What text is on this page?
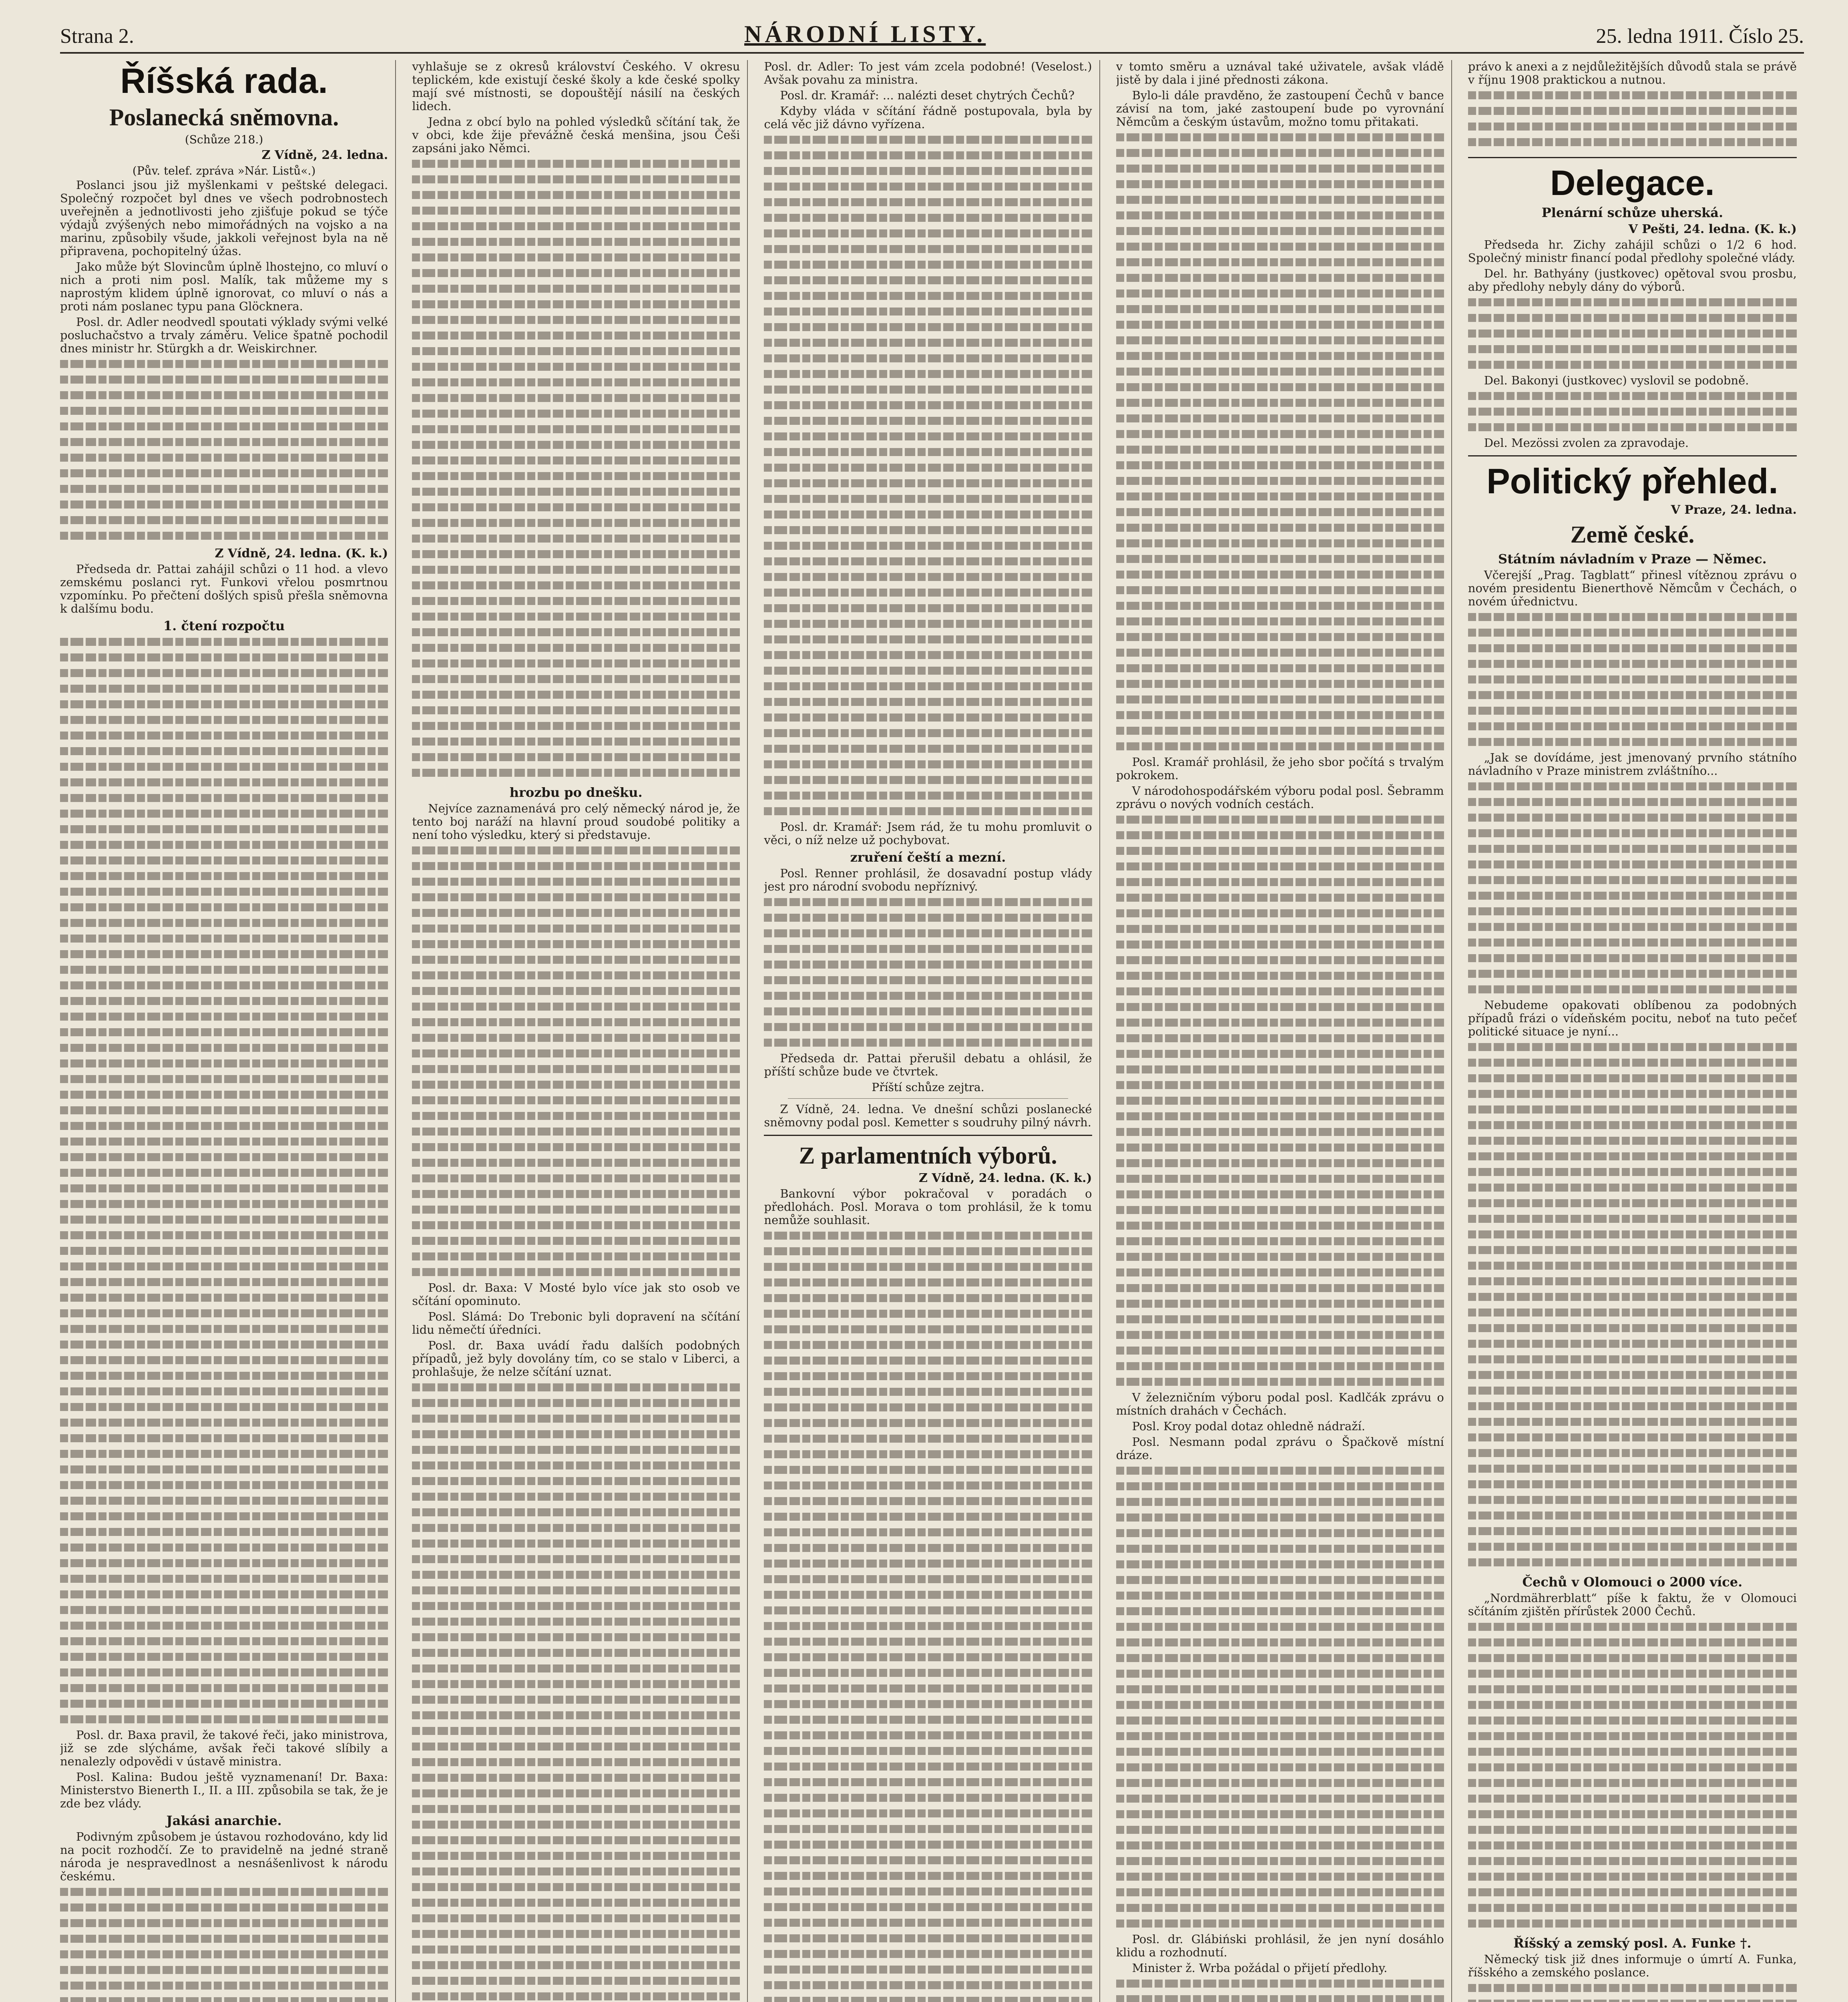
Strana 2.	NÁRODNÍ LISTY.	25. ledna 1911. Číslo 25.
Říšská rada.
Poslanecká sněmovna.
(Schůze 218.)
Z Vídně, 24. ledna.
(Pův. telef. zpráva »Nár. Listů«.)

Poslanci jsou již myšlenkami v peštské delegaci. Společný rozpočet byl dnes ve všech podrobnostech uveřejněn a jednotlivosti jeho zjišťuje pokud se týče výdajů zvýšených nebo mimořádných na vojsko a na marinu, způsobily všude, jakkoli veřejnost byla na ně připravena, pochopitelný úžas.

Jako může být Slovincům úplně lhostejno, co mluví o nich a proti nim posl. Malík, tak můžeme my s naprostým klidem úplně ignorovat, co mluví o nás a proti nám poslanec typu pana Glöcknera.

Posl. dr. Adler neodvedl spoutati výklady svými velké posluchačstvo a trvaly záměru. Velice špatně pochodil dnes ministr hr. Stürgkh a dr. Weiskirchner.

Z Vídně, 24. ledna. (K. k.)

Předseda dr. Pattai zahájil schůzi o 11 hod. a vlevo zemskému poslanci ryt. Funkovi vřelou posmrtnou vzpomínku. Po přečtení došlých spisů přešla sněmovna k dalšímu bodu.

1. čtení rozpočtu

Posl. dr. Baxa pravil, že takové řeči, jako ministrova, již se zde slýcháme, avšak řeči takové slíbily a nenalezly odpovědi v ústavě ministra.

Posl. Kalina: Budou ještě vyznamenaní! Dr. Baxa: Ministerstvo Bienerth I., II. a III. způsobila se tak, že je zde bez vlády.

Jakási anarchie.

Podivným způsobem je ústavou rozhodováno, kdy lid na pocit rozhodčí. Ze to pravidelně na jedné straně národa je nespravedlnost a nesnášenlivost k národu českému.

vyhlašuje se z okresů království Českého. V okresu teplickém, kde existují české školy a kde české spolky mají své místnosti, se dopouštějí násilí na českých lidech.

Jedna z obcí bylo na pohled výsledků sčítání tak, že v obci, kde žije převážně česká menšina, jsou Češi zapsáni jako Němci.

hrozbu po dnešku.

Nejvíce zaznamenává pro celý německý národ je, že tento boj naráží na hlavní proud soudobé politiky a není toho výsledku, který si představuje.

Posl. dr. Baxa: V Mosté bylo více jak sto osob ve sčítání opominuto.

Posl. Slámá: Do Trebonic byli dopravení na sčítání lidu němečtí úředníci.

Posl. dr. Baxa uvádí řadu dalších podobných případů, jež byly dovolány tím, co se stalo v Liberci, a prohlašuje, že nelze sčítání uznat.

Posl. dr. Adler: To jest vám zcela podobné! (Veselost.) Avšak povahu za ministra.

Posl. dr. Kramář: ... nalézti deset chytrých Čechů?

Kdyby vláda v sčítání řádně postupovala, byla by celá věc již dávno vyřízena.

Posl. dr. Kramář: Jsem rád, že tu mohu promluvit o věci, o níž nelze už pochybovat.

zruření čeští a mezní.

Posl. Renner prohlásil, že dosavadní postup vlády jest pro národní svobodu nepříznivý.

Předseda dr. Pattai přerušil debatu a ohlásil, že příští schůze bude ve čtvrtek.

Příští schůze zejtra.

Z Vídně, 24. ledna. Ve dnešní schůzi poslanecké sněmovny podal posl. Kemetter s soudruhy pilný návrh.

Z parlamentních výborů.
Z Vídně, 24. ledna. (K. k.)

Bankovní výbor pokračoval v poradách o předlohách. Posl. Morava o tom prohlásil, že k tomu nemůže souhlasit.

v tomto směru a uznával také uživatele, avšak vládě jistě by dala i jiné přednosti zákona.

Bylo-li dále pravděno, že zastoupení Čechů v bance závisí na tom, jaké zastoupení bude po vyrovnání Němcům a českým ústavům, možno tomu přitakati.

Posl. Kramář prohlásil, že jeho sbor počítá s trvalým pokrokem.

V národohospodářském výboru podal posl. Šebramm zprávu o nových vodních cestách.

V železničním výboru podal posl. Kadlčák zprávu o místních drahách v Čechách.

Posl. Kroy podal dotaz ohledně nádraží.

Posl. Nesmann podal zprávu o Špačkově místní dráze.

Posl. dr. Glábiński prohlásil, že jen nyní dosáhlo klidu a rozhodnutí.

Minister ž. Wrba požádal o přijetí předlohy.

právo k anexi a z nejdůležitějších důvodů stala se právě v říjnu 1908 praktickou a nutnou.

Delegace.
Plenární schůze uherská.
V Pešti, 24. ledna. (K. k.)

Předseda hr. Zichy zahájil schůzi o 1/2 6 hod. Společný ministr financí podal předlohy společné vlády.

Del. hr. Bathyány (justkovec) opětoval svou prosbu, aby předlohy nebyly dány do výborů.

Del. Bakonyi (justkovec) vyslovil se podobně.

Del. Mezössi zvolen za zpravodaje.

Politický přehled.
V Praze, 24. ledna.
Země české.
Státním návladním v Praze — Němec.

Včerejší „Prag. Tagblatt“ přinesl vítěznou zprávu o novém presidentu Bienerthově Němcům v Čechách, o novém úřednictvu.

„Jak se dovídáme, jest jmenovaný prvního státního návladního v Praze ministrem zvláštního...

Nebudeme opakovati oblíbenou za podobných případů frázi o vídeňském pocitu, neboť na tuto pečeť politické situace je nyní...

Čechů v Olomouci o 2000 více.

„Nordmährerblatt“ píše k faktu, že v Olomouci sčítáním zjištěn přírůstek 2000 Čechů.

Říšský a zemský posl. A. Funke †.

Německý tisk již dnes informuje o úmrtí A. Funka, říšského a zemského poslance.
